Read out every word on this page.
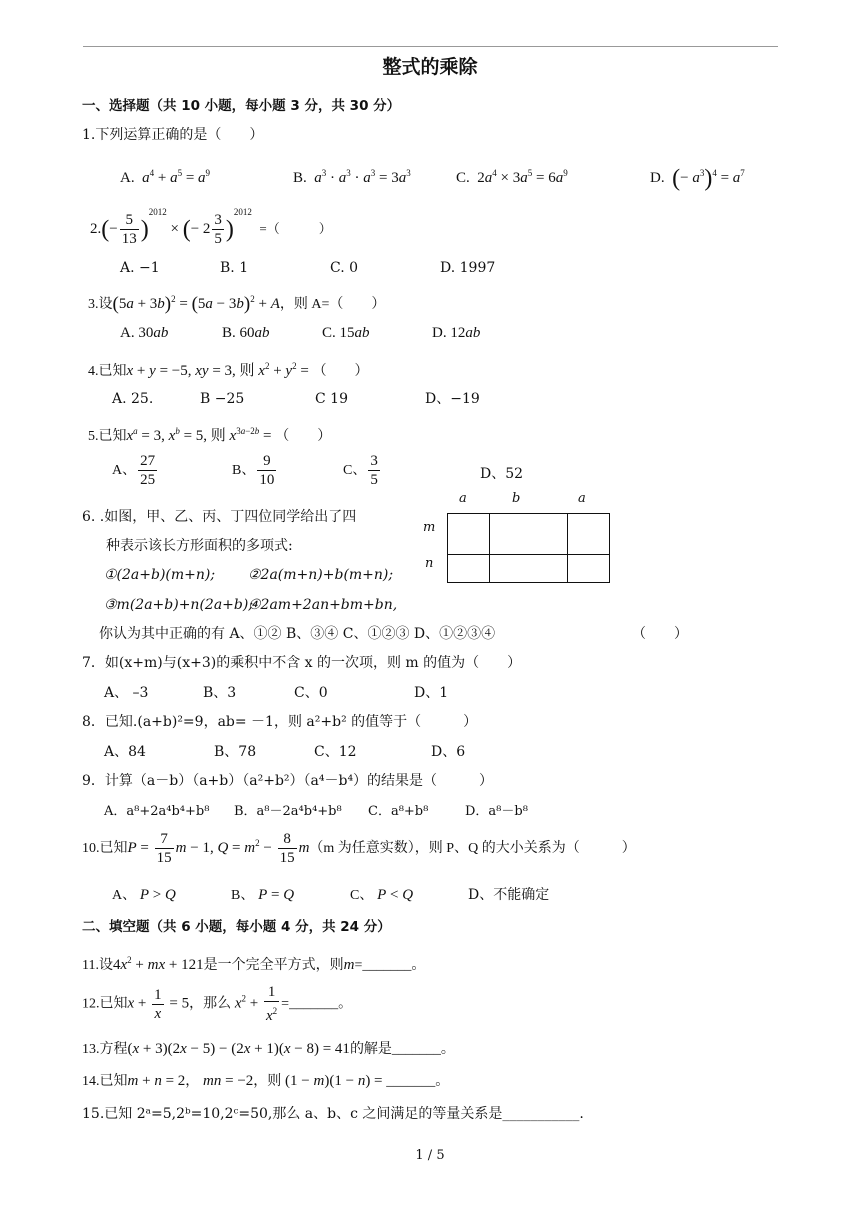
整式的乘除
一、选择题（共 10 小题，每小题 3 分，共 30 分）
1.下列运算正确的是（　　）
A. $a^4 + a^5 = a^9$	B. $a^3 \cdot a^3 \cdot a^3 = 3a^3$	C.  $2a^4 \times 3a^5 = 6a^9$	D. (− $a^3)^4 = a^7$
$2.(- \frac{5}{13} )^{2012}$ × (− $2 \frac{3}{5} )^{2012}$  =（　　　）
A. −1	B. 1	C. 0	D. 1997
3.设$(5a + 3b)^2 = (5a - 3b)^2 + A$，则 A=（　　）
A. 30ab	B. 60ab	C. 15ab	D. 12ab
4.已知x + y = −5, xy = 3, 则 $x^2 + y^2$ = （　　）
A. 25.	B −25	C 19	D、−19
5.已知$x^a = 3$, $x^b = 5$, 则 $x^{3a-2b}$ = （　　）
A、 $\frac{27}{25}$	B、 $\frac{9}{10}$	C、 $\frac{3}{5}$	D、52
6. .如图，甲、乙、丙、丁四位同学给出了四
种表示该长方形面积的多项式:
①(2a+b)(m+n); ②2a(m+n)+b(m+n);
③m(2a+b)+n(2a+b);
④2am+2an+bm+bn,
你认为其中正确的有 A、①② B、③④ C、①②③ D、①②③④	（　　）
a	b	a
m
n

7．如(x+m)与(x+3)的乘积中不含 x 的一次项，则 m 的值为（　　）
A、 –3	B、3	C、0	D、1
8．已知.(a+b)²=9，ab= －1，则 a²+b² 的值等于（　　　）
A、84	B、78	C、12	D、6
9．计算（a－b）（a+b）（a²+b²）（a⁴－b⁴）的结果是（　　　）
A．a⁸+2a⁴b⁴+b⁸ B．a⁸－2a⁴b⁴+b⁸ C．a⁸+b⁸	D．a⁸－b⁸
10.已知$P = \frac{7}{15}$ m − 1, $Q = m^2 - \frac{8}{15} m(m$ 为任意实数），则 P、Q 的大小关系为（　　　）
A、 P > Q	B、 P = Q	C、 P < Q	D、不能确定
二、填空题（共 6 小题，每小题 4 分，共 24 分）
11.设$4x^2$ + mx + 121是一个完全平方式，则m=_______。
12.已知$x + \frac{1}{x} = 5$，那么 $x^2 + \frac{1}{x^2}$ =_______。
13.方程(x + 3)(2x − 5) − (2x + 1)(x − 8) = 41的解是_______。
14.已知m + n = 2， mn = −2，则 (1 − m)(1 − n) = _______。
15.已知 2ᵃ=5,2ᵇ=10,2ᶜ=50,那么 a、b、c 之间满足的等量关系是___________.
1 / 5
